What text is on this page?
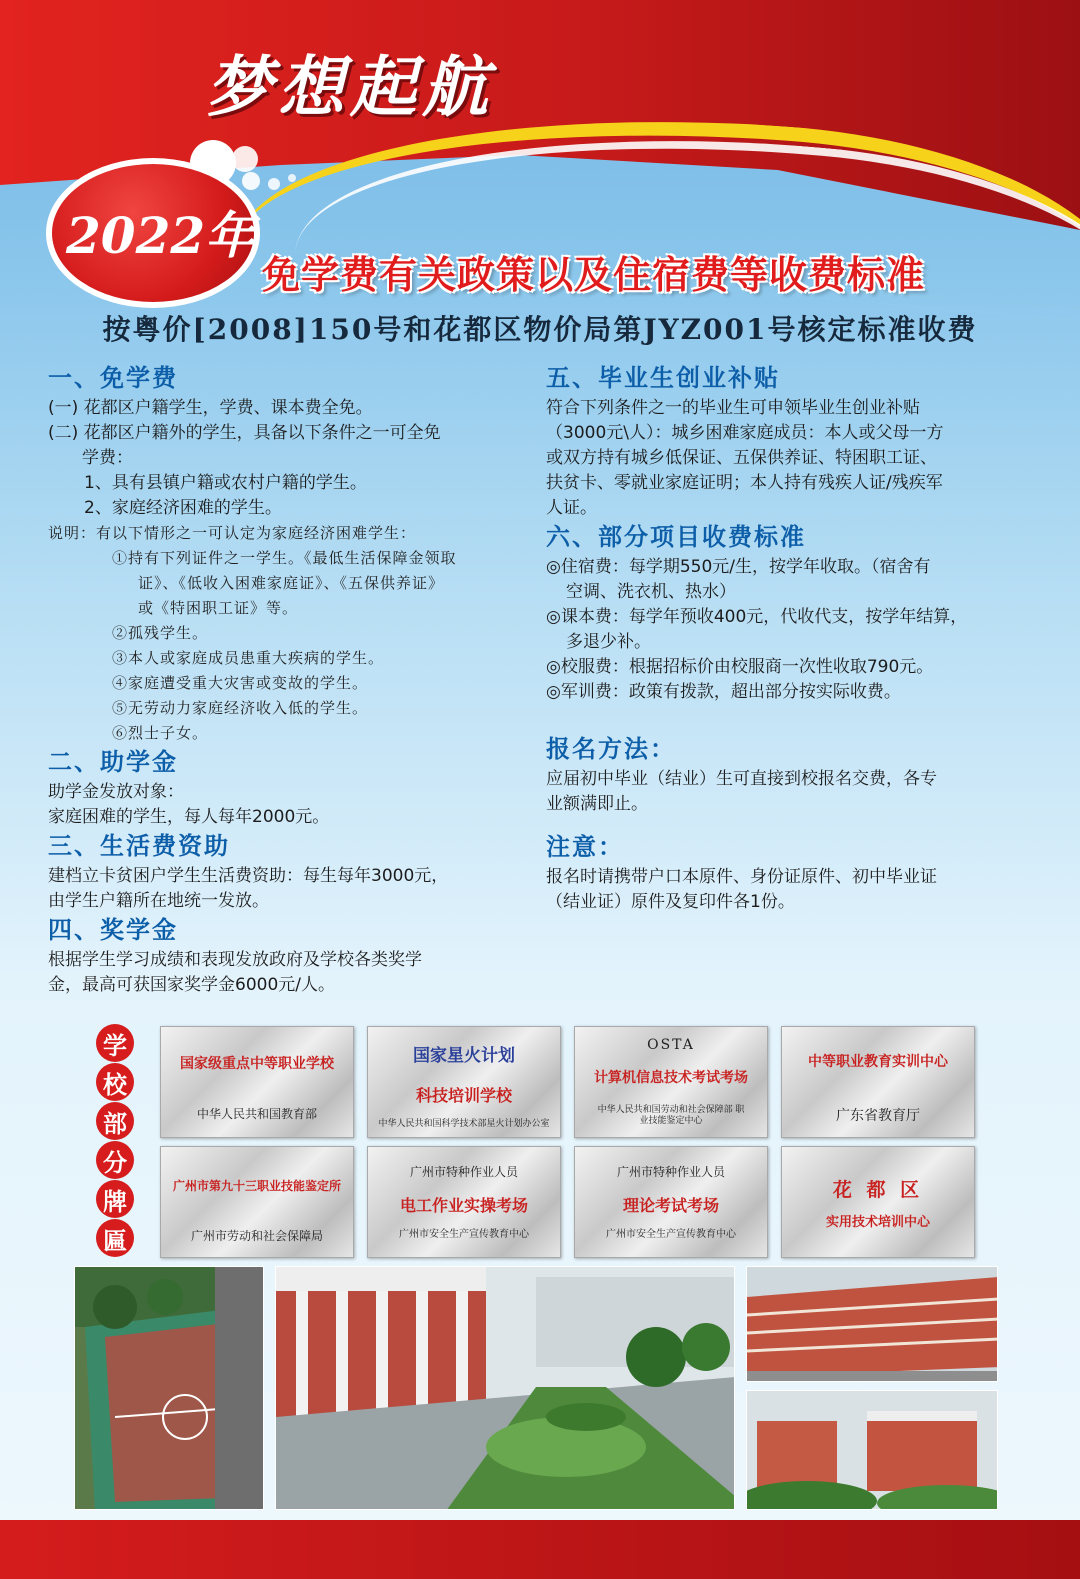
梦想起航
2022年
免学费有关政策以及住宿费等收费标准
按粤价[2008]150号和花都区物价局第JYZ001号核定标准收费
一、免学费

(一) 花都区户籍学生，学费、课本费全免。

(二) 花都区户籍外的学生，具备以下条件之一可全免

学费：

1、具有县镇户籍或农村户籍的学生。

2、家庭经济困难的学生。

说明：有以下情形之一可认定为家庭经济困难学生：

①持有下列证件之一学生。《最低生活保障金领取

证》、《低收入困难家庭证》、《五保供养证》

或《特困职工证》等。

②孤残学生。

③本人或家庭成员患重大疾病的学生。

④家庭遭受重大灾害或变故的学生。

⑤无劳动力家庭经济收入低的学生。

⑥烈士子女。

二、助学金

助学金发放对象：

家庭困难的学生，每人每年2000元。

三、生活费资助

建档立卡贫困户学生生活费资助：每生每年3000元，

由学生户籍所在地统一发放。

四、奖学金

根据学生学习成绩和表现发放政府及学校各类奖学

金，最高可获国家奖学金6000元/人。

五、毕业生创业补贴

符合下列条件之一的毕业生可申领毕业生创业补贴

（3000元\人）：城乡困难家庭成员：本人或父母一方

或双方持有城乡低保证、五保供养证、特困职工证、

扶贫卡、零就业家庭证明；本人持有残疾人证/残疾军

人证。

六、部分项目收费标准

◎住宿费：每学期550元/生，按学年收取。（宿舍有

空调、洗衣机、热水）

◎课本费：每学年预收400元，代收代支，按学年结算，

多退少补。

◎校服费：根据招标价由校服商一次性收取790元。

◎军训费：政策有拨款，超出部分按实际收费。

报名方法：

应届初中毕业（结业）生可直接到校报名交费，各专

业额满即止。

注意：

报名时请携带户口本原件、身份证原件、初中毕业证

（结业证）原件及复印件各1份。

学
校
部
分
牌
匾
国家级重点中等职业学校
中华人民共和国教育部
国家星火计划
科技培训学校
中华人民共和国科学技术部星火计划办公室
OSTA
计算机信息技术考试考场
中华人民共和国劳动和社会保障部 职业技能鉴定中心
中等职业教育实训中心
广东省教育厅
广州市第九十三职业技能鉴定所
广州市劳动和社会保障局
广州市特种作业人员
电工作业实操考场
广州市安全生产宣传教育中心
广州市特种作业人员
理论考试考场
广州市安全生产宣传教育中心
花 都 区
实用技术培训中心
